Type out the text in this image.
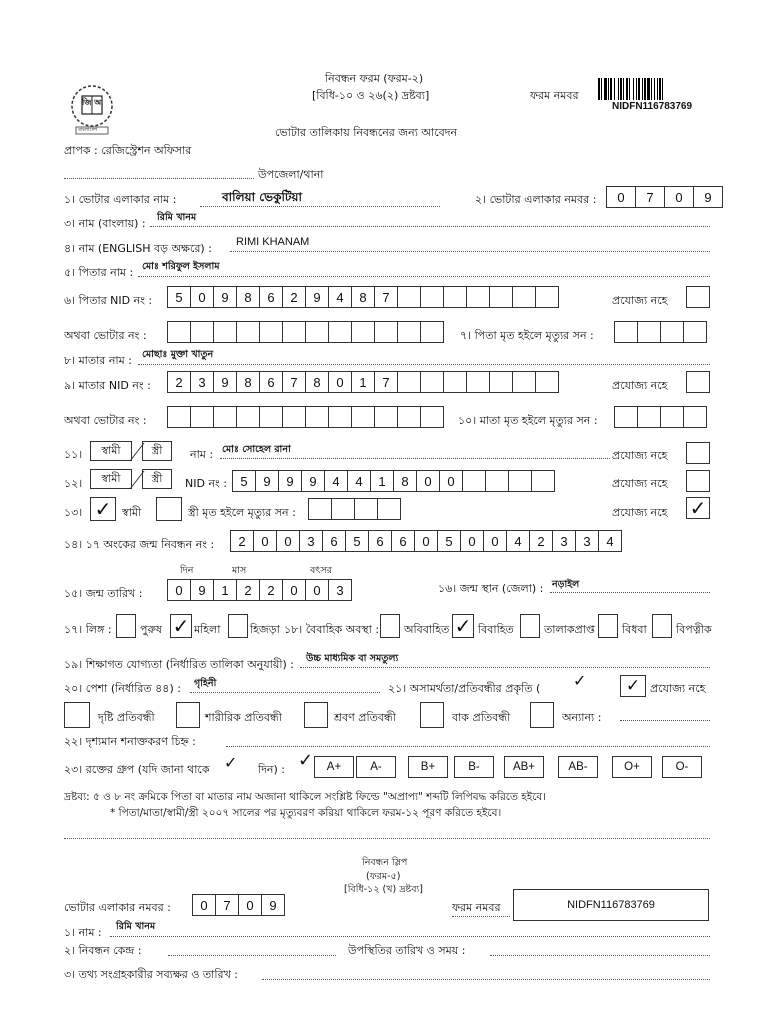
জি অ
বাংলাদেশ
নিবন্ধন ফরম (ফরম-২)
[বিধি-১০ ও ২৬(২) দ্রষ্টব্য]	ফরম নমবর
NIDFN116783769
ভোটার তালিকায় নিবন্ধনের জন্য আবেদন
প্রাপক : রেজিস্ট্রেশন অফিসার
উপজেলা/থানা
১। ভোটার এলাকার নাম :	বালিয়া ভেকুটিয়া	২। ভোটার এলাকার নমবর :	0	7	0	9
৩। নাম (বাংলায়) : রিমি খানম
৪। নাম (ENGLISH বড় অক্ষরে) : RIMI KHANAM
৫। পিতার নাম : মোঃ শরিফুল ইসলাম
৬। পিতার NID নং :	5	0	9	8	6	2	9	4	8	7	প্রযোজ্য নহে
অথবা ভোটার নং :	৭। পিতা মৃত হইলে মৃত্যুর সন :
৮। মাতার নাম : মোছাঃ মুক্তা খাতুন
৯। মাতার NID নং :	2	3	9	8	6	7	8	0	1	7	প্রযোজ্য নহে
অথবা ভোটার নং :	১০। মাতা মৃত হইলে মৃত্যুর সন :
১১।	স্বামী	স্ত্রী	নাম : মোঃ সোহেল রানা	প্রযোজ্য নহে
১২।	স্বামী	স্ত্রী	NID নং :	5	9	9	9	4	4	1	8	0	0	প্রযোজ্য নহে
১৩। ✓ স্বামী	স্ত্রী মৃত হইলে মৃত্যুর সন :	প্রযোজ্য নহে ✓
১৪। ১৭ অংকের জন্ম নিবন্ধন নং :	2	0	0	3	6	5	6	6	0	5	0	0	4	2	3	3	4
দিন	মাস	বৎসর
১৫। জন্ম তারিখ :	0	9	1	2	2	0	0	3	১৬। জন্ম স্থান (জেলা) : নড়াইল
১৭। লিঙ্গ :	পুরুষ ✓ মহিলা	হিজড়া ১৮। বৈবাহিক অবস্থা : অবিবাহিত ✓ বিবাহিত	তালাকপ্রাপ্ত বিধবা	বিপত্নীক
১৯। শিক্ষাগত যোগ্যতা (নির্ধারিত তালিকা অনুযায়ী) : উচ্চ মাধ্যমিক বা সমতুল্য
২০। পেশা (নির্ধারিত ৪৪) : গৃহিনী	২১। অসামর্থতা/প্রতিবন্ধীর প্রকৃতি ( ✓ ✓ প্রযোজ্য নহে
দৃষ্টি প্রতিবন্ধী	শারীরিক প্রতিবন্ধী	শ্রবণ প্রতিবন্ধী	বাক প্রতিবন্ধী	অন্যান্য :
২২। দৃশ্যমান শনাক্তকরণ চিহ্ন :
২৩। রক্তের গ্রুপ (যদি জানা থাকে ✓ দিন) :	A+	A-	B+	B-	AB+	AB-	O+	O-
✓
দ্রষ্টব্য: ৫ ও ৮ নং ক্রমিকে পিতা বা মাতার নাম অজানা থাকিলে সংশ্লিষ্ট ফিল্ডে "অপ্রাপ্য" শব্দটি লিপিবদ্ধ করিতে হইবে।
* পিতা/মাতা/স্বামী/স্ত্রী ২০০৭ সালের পর মৃত্যুবরণ করিয়া থাকিলে ফরম-১২ পূরণ করিতে হইবে।
নিবন্ধন স্লিপ
(ফরম-৫)
[বিধি-১২ (খ) দ্রষ্টব্য]
ভোটার এলাকার নমবর :	0	7	0	9	ফরম নমবর	NIDFN116783769
১। নাম : রিমি খানম
২। নিবন্ধন কেন্দ্র :	উপস্থিতির তারিখ ও সময় :
৩। তথ্য সংগ্রহকারীর সব্যক্ষর ও তারিখ :
